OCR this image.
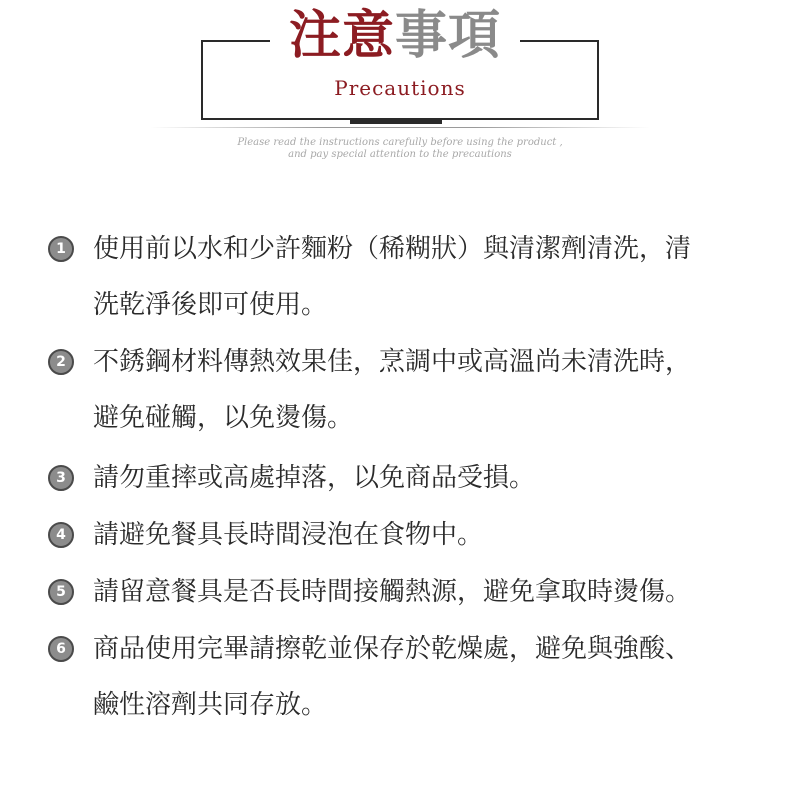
注意事項
Precautions
Please read the instructions carefully before using the product ,
and pay special attention to the precautions
1	使用前以水和少許麵粉（稀糊狀）與清潔劑清洗，清
洗乾淨後即可使用。
2	不銹鋼材料傳熱效果佳，烹調中或高溫尚未清洗時，
避免碰觸，以免燙傷。
3	請勿重摔或高處掉落，以免商品受損。
4	請避免餐具長時間浸泡在食物中。
5	請留意餐具是否長時間接觸熱源，避免拿取時燙傷。
6	商品使用完畢請擦乾並保存於乾燥處，避免與強酸、
鹼性溶劑共同存放。
